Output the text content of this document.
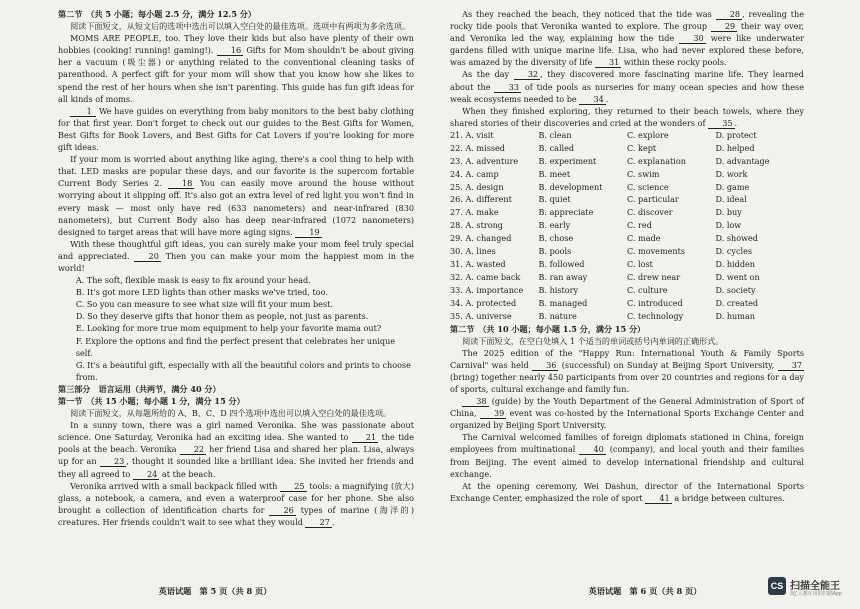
第二节　（共 5 小题；每小题 2.5 分，满分 12.5 分）

阅读下面短文，从短文后的选项中选出可以填入空白处的最佳选项。选项中有两项为多余选项。

MOMS ARE PEOPLE, too. They love their kids but also have plenty of their own hobbies (cooking! running! gaming!). 16 Gifts for Mom shouldn't be about giving her a vacuum (吸尘器) or anything related to the conventional cleaning tasks of parenthood. A perfect gift for your mom will show that you know how she likes to spend the rest of her hours when she isn't parenting. This guide has fun gift ideas for all kinds of moms.

1 We have guides on everything from baby monitors to the best baby clothing for that first year. Don't forget to check out our guides to the Best Gifts for Women, Best Gifts for Book Lovers, and Best Gifts for Cat Lovers if you're looking for more gift ideas.

If your mom is worried about anything like aging, there's a cool thing to help with that. LED masks are popular these days, and our favorite is the supercom fortable Current Body Series 2. 18 You can easily move around the house without worrying about it slipping off. It's also got an extra level of red light you won't find in every mask — most only have red (633 nanometers) and near-infrared (830 nanometers), but Current Body also has deep near-infrared (1072 nanometers) designed to target areas that will have more aging signs. 19

With these thoughtful gift ideas, you can surely make your mom feel truly special and appreciated. 20 Then you can make your mom the happiest mom in the world!

A. The soft, flexible mask is easy to fix around your head.

B. It's got more LED lights than other masks we've tried, too.

C. So you can measure to see what size will fit your mum best.

D. So they deserve gifts that honor them as people, not just as parents.

E. Looking for more true mom equipment to help your favorite mama out?

F. Explore the options and find the perfect present that celebrates her unique self.

G. It's a beautiful gift, especially with all the beautiful colors and prints to choose from.

第三部分　语言运用（共两节，满分 40 分）

第一节　（共 15 小题；每小题 1 分，满分 15 分）

阅读下面短文，从每题所给的 A、B、C、D 四个选项中选出可以填入空白处的最佳选项。

In a sunny town, there was a girl named Veronika. She was passionate about science. One Saturday, Veronika had an exciting idea. She wanted to 21 the tide pools at the beach. Veronika 22 her friend Lisa and shared her plan. Lisa, always up for an 23 , thought it sounded like a brilliant idea. She invited her friends and they all agreed to 24 at the beach.

Veronika arrived with a small backpack filled with 25 tools: a magnifying (放大) glass, a notebook, a camera, and even a waterproof case for her phone. She also brought a collection of identification charts for 26 types of marine (海洋的) creatures. Her friends couldn't wait to see what they would 27 .

英语试题　第 5 页（共 8 页）

As they reached the beach, they noticed that the tide was 28 , revealing the rocky tide pools that Veronika wanted to explore. The group 29 their way over, and Veronika led the way, explaining how the tide 30 were like underwater gardens filled with unique marine life. Lisa, who had never explored these before, was amazed by the diversity of life 31 within these rocky pools.

As the day 32 , they discovered more fascinating marine life. They learned about the 33 of tide pools as nurseries for many ocean species and how these weak ecosystems needed to be 34 .

When they finished exploring, they returned to their beach towels, where they shared stories of their discoveries and cried at the wonders of 35 .

21. A. visit	B. clean	C. explore	D. protect
22. A. missed	B. called	C. kept	D. helped
23. A. adventure	B. experiment	C. explanation	D. advantage
24. A. camp	B. meet	C. swim	D. work
25. A. design	B. development	C. science	D. game
26. A. different	B. quiet	C. particular	D. ideal
27. A. make	B. appreciate	C. discover	D. buy
28. A. strong	B. early	C. red	D. low
29. A. changed	B. chose	C. made	D. showed
30. A. lines	B. pools	C. movements	D. cycles
31. A. wasted	B. followed	C. lost	D. hidden
32. A. came back	B. ran away	C. drew near	D. went on
33. A. importance	B. history	C. culture	D. society
34. A. protected	B. managed	C. introduced	D. created
35. A. universe	B. nature	C. technology	D. human

第二节　（共 10 小题；每小题 1.5 分，满分 15 分）

阅读下面短文，在空白处填入 1 个适当的单词或括号内单词的正确形式。

The 2025 edition of the "Happy Run: International Youth & Family Sports Carnival" was held 36 (successful) on Sunday at Beijing Sport University, 37 (bring) together nearly 450 participants from over 20 countries and regions for a day of sports, cultural exchange and family fun.

38 (guide) by the Youth Department of the General Administration of Sport of China, 39 event was co-hosted by the International Sports Exchange Center and organized by Beijing Sport University.

The Carnival welcomed families of foreign diplomats stationed in China, foreign employees from multinational 40 (company), and local youth and their families from Beijing. The event aimed to develop international friendship and cultural exchange.

At the opening ceremony, Wei Dashun, director of the International Sports Exchange Center, emphasized the role of sport 41 a bridge between cultures.

英语试题　第 6 页（共 8 页）	CS 扫描全能王
3亿人都在用的扫描App
